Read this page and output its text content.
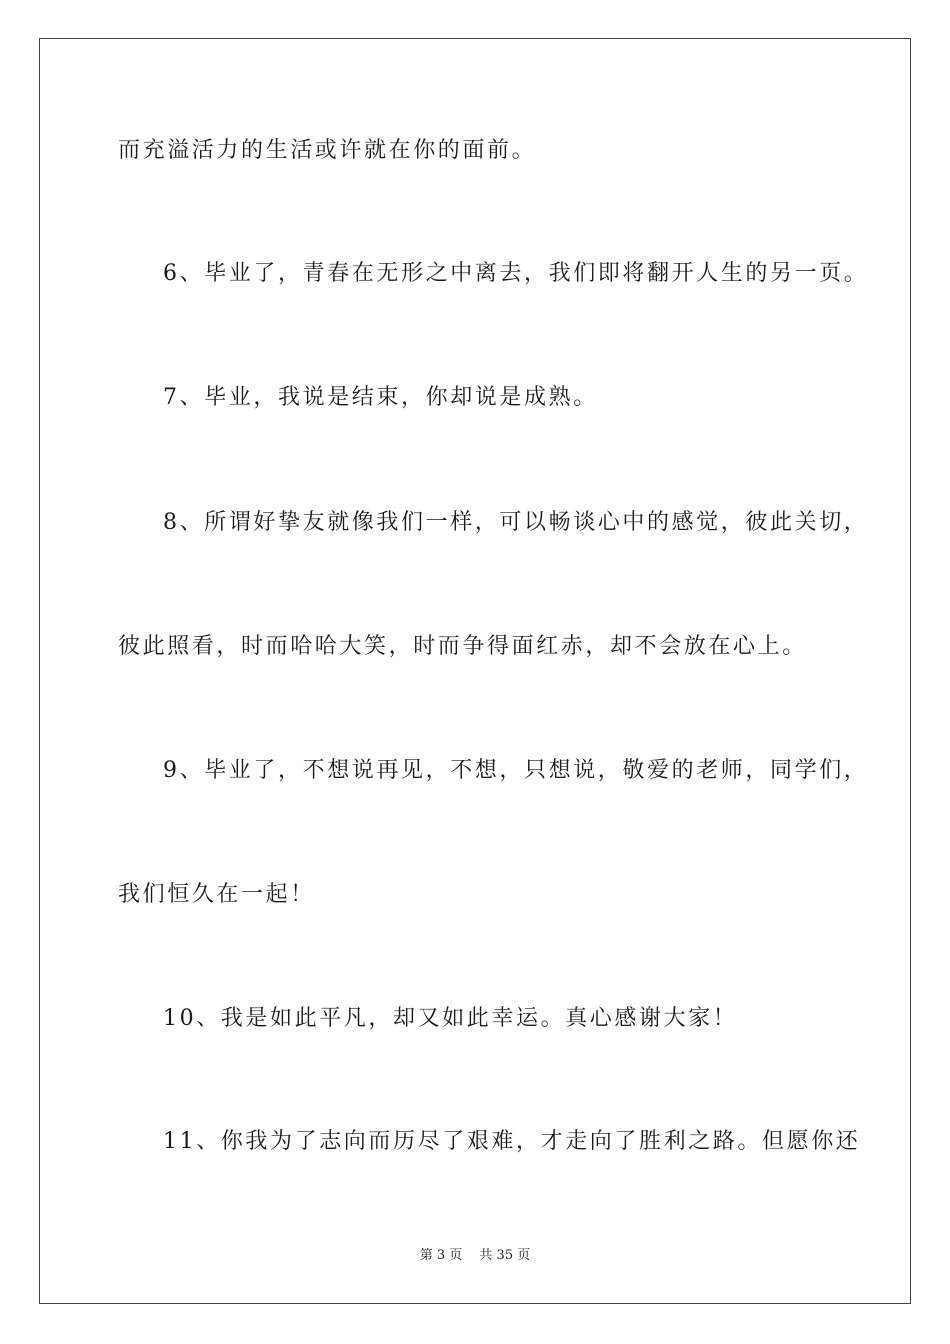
而充溢活力的生活或许就在你的面前。
6、毕业了，青春在无形之中离去，我们即将翻开人生的另一页。
7、毕业，我说是结束，你却说是成熟。
8、所谓好挚友就像我们一样，可以畅谈心中的感觉，彼此关切，
彼此照看，时而哈哈大笑，时而争得面红赤，却不会放在心上。
9、毕业了，不想说再见，不想，只想说，敬爱的老师，同学们，
我们恒久在一起！
10、我是如此平凡，却又如此幸运。真心感谢大家！
11、你我为了志向而历尽了艰难，才走向了胜利之路。但愿你还
第 3 页　 共 35 页
